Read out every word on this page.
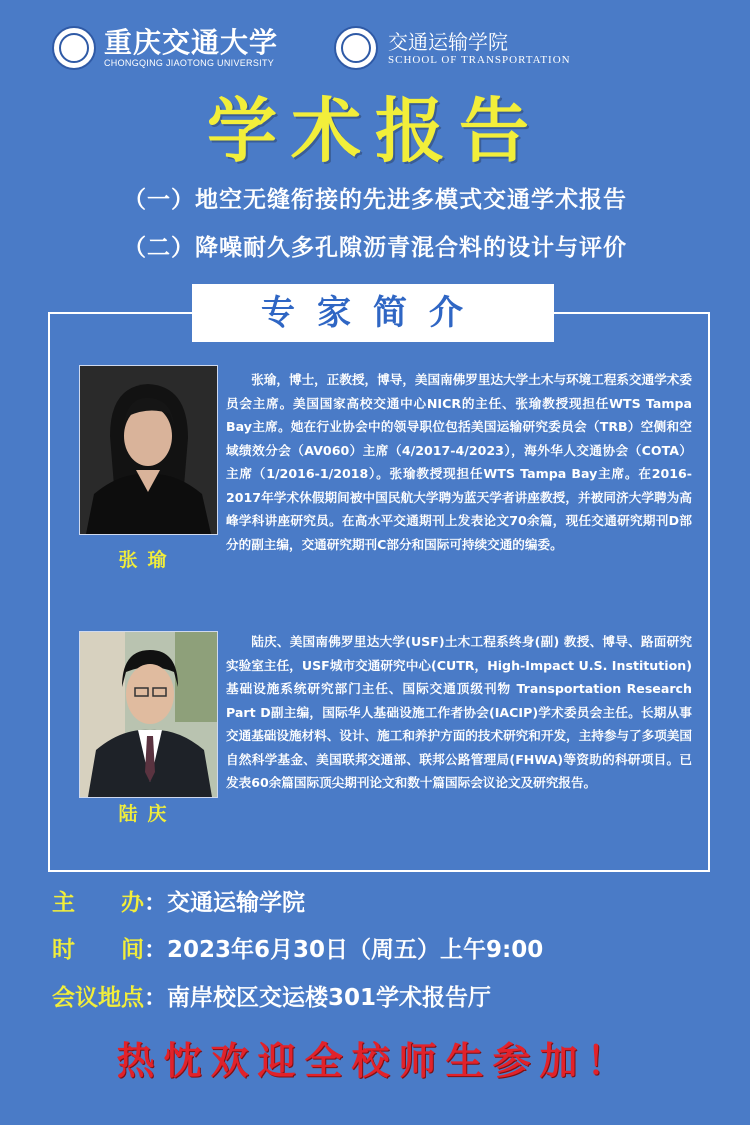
重庆交通大学
CHONGQING JIAOTONG UNIVERSITY
交通运输学院
SCHOOL OF TRANSPORTATION
学术报告
（一）地空无缝衔接的先进多模式交通学术报告
（二）降噪耐久多孔隙沥青混合料的设计与评价
专家简介
张瑜
张瑜，博士，正教授，博导，美国南佛罗里达大学土木与环境工程系交通学术委员会主席。美国国家高校交通中心NICR的主任、张瑜教授现担任WTS Tampa Bay主席。她在行业协会中的领导职位包括美国运输研究委员会（TRB）空侧和空域绩效分会（AV060）主席（4/2017-4/2023），海外华人交通协会（COTA）主席（1/2016-1/2018）。张瑜教授现担任WTS Tampa Bay主席。在2016-2017年学术休假期间被中国民航大学聘为蓝天学者讲座教授，并被同济大学聘为高峰学科讲座研究员。在高水平交通期刊上发表论文70余篇，现任交通研究期刊D部分的副主编，交通研究期刊C部分和国际可持续交通的编委。
陆庆
陆庆、美国南佛罗里达大学(USF)土木工程系终身(副) 教授、博导、路面研究实验室主任，USF城市交通研究中心(CUTR，High-Impact U.S. Institution)基础设施系统研究部门主任、国际交通顶级刊物 Transportation Research Part D副主编，国际华人基础设施工作者协会(IACIP)学术委员会主任。长期从事交通基础设施材料、设计、施工和养护方面的技术研究和开发，主持参与了多项美国自然科学基金、美国联邦交通部、联邦公路管理局(FHWA)等资助的科研项目。已发表60余篇国际顶尖期刊论文和数十篇国际会议论文及研究报告。
主　　办：交通运输学院
时　　间：2023年6月30日（周五）上午9:00
会议地点：南岸校区交运楼301学术报告厅
热忱欢迎全校师生参加！
